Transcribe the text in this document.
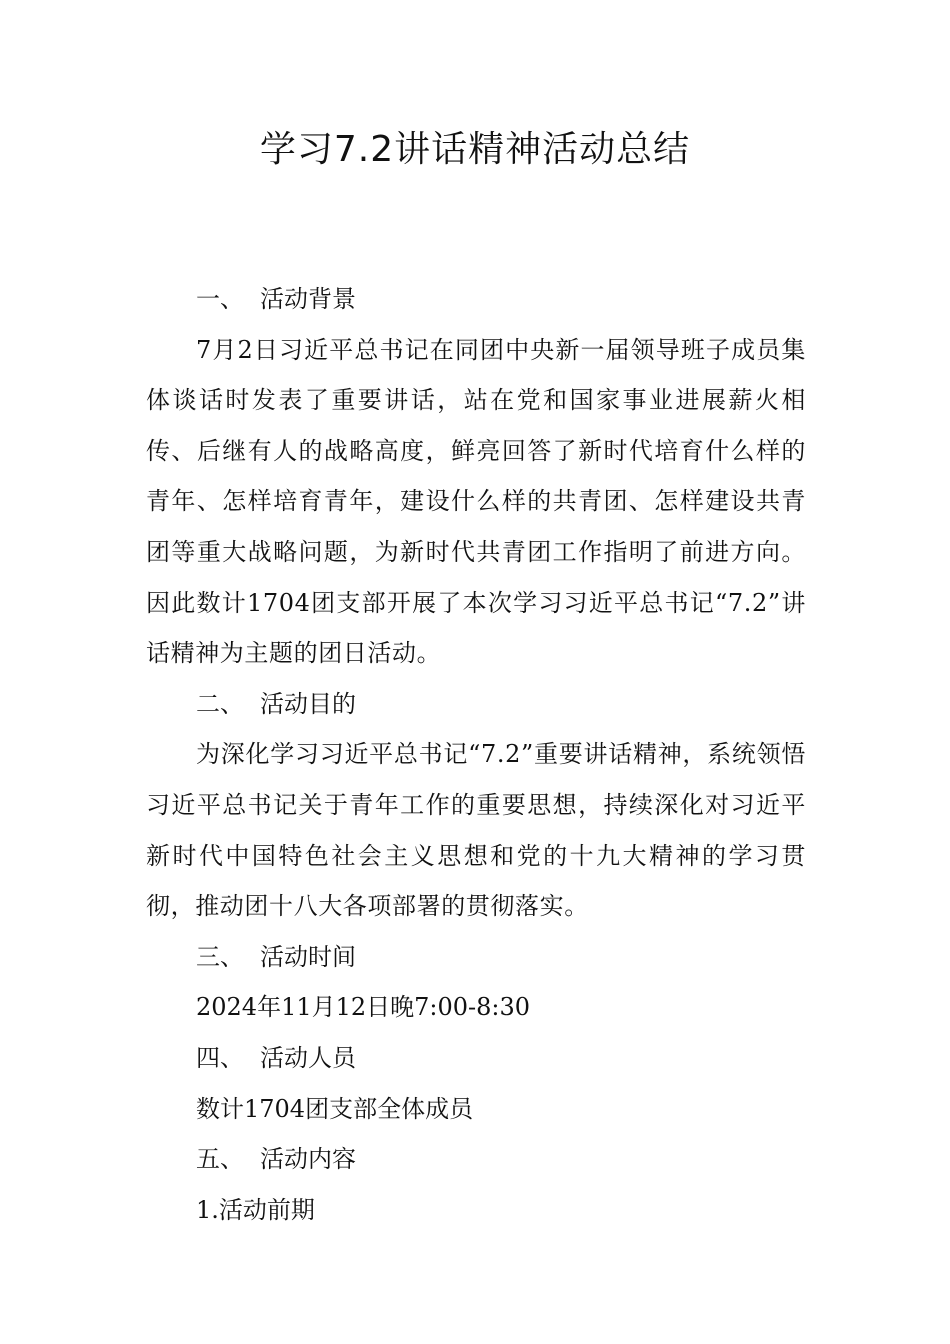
学习7.2讲话精神活动总结

一、 活动背景

7月2日习近平总书记在同团中央新一届领导班子成员集体谈话时发表了重要讲话，站在党和国家事业进展薪火相传、后继有人的战略高度，鲜亮回答了新时代培育什么样的青年、怎样培育青年，建设什么样的共青团、怎样建设共青团等重大战略问题，为新时代共青团工作指明了前进方向。因此数计1704团支部开展了本次学习习近平总书记“7.2”讲话精神为主题的团日活动。

二、 活动目的

为深化学习习近平总书记“7.2”重要讲话精神，系统领悟习近平总书记关于青年工作的重要思想，持续深化对习近平新时代中国特色社会主义思想和党的十九大精神的学习贯彻，推动团十八大各项部署的贯彻落实。

三、 活动时间

2024年11月12日晚7:00-8:30

四、 活动人员

数计1704团支部全体成员

五、 活动内容

1.活动前期
